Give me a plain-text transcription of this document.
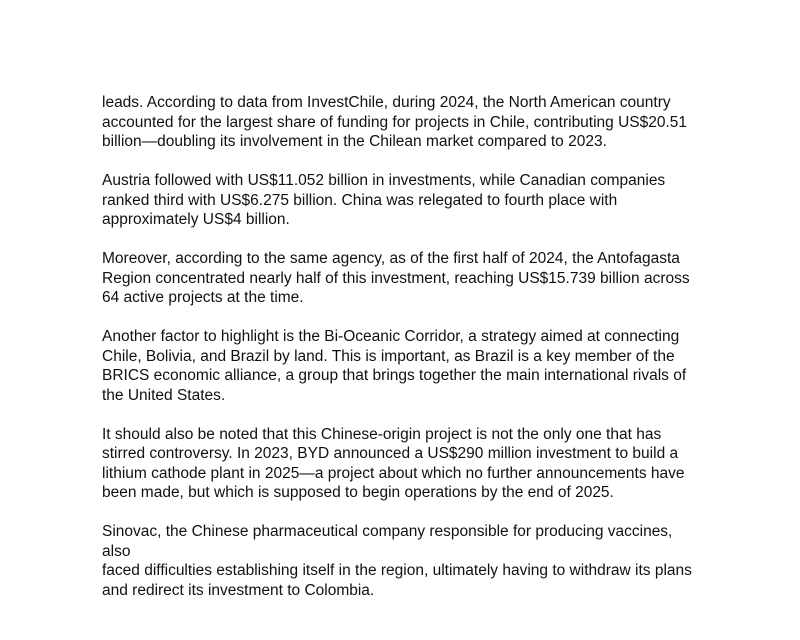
leads. According to data from InvestChile, during 2024, the North American country
accounted for the largest share of funding for projects in Chile, contributing US$20.51
billion—doubling its involvement in the Chilean market compared to 2023.

Austria followed with US$11.052 billion in investments, while Canadian companies
ranked third with US$6.275 billion. China was relegated to fourth place with
approximately US$4 billion.

Moreover, according to the same agency, as of the first half of 2024, the Antofagasta
Region concentrated nearly half of this investment, reaching US$15.739 billion across
64 active projects at the time.

Another factor to highlight is the Bi-Oceanic Corridor, a strategy aimed at connecting
Chile, Bolivia, and Brazil by land. This is important, as Brazil is a key member of the
BRICS economic alliance, a group that brings together the main international rivals of
the United States.

It should also be noted that this Chinese-origin project is not the only one that has
stirred controversy. In 2023, BYD announced a US$290 million investment to build a
lithium cathode plant in 2025—a project about which no further announcements have
been made, but which is supposed to begin operations by the end of 2025.

Sinovac, the Chinese pharmaceutical company responsible for producing vaccines, also
faced difficulties establishing itself in the region, ultimately having to withdraw its plans
and redirect its investment to Colombia.
